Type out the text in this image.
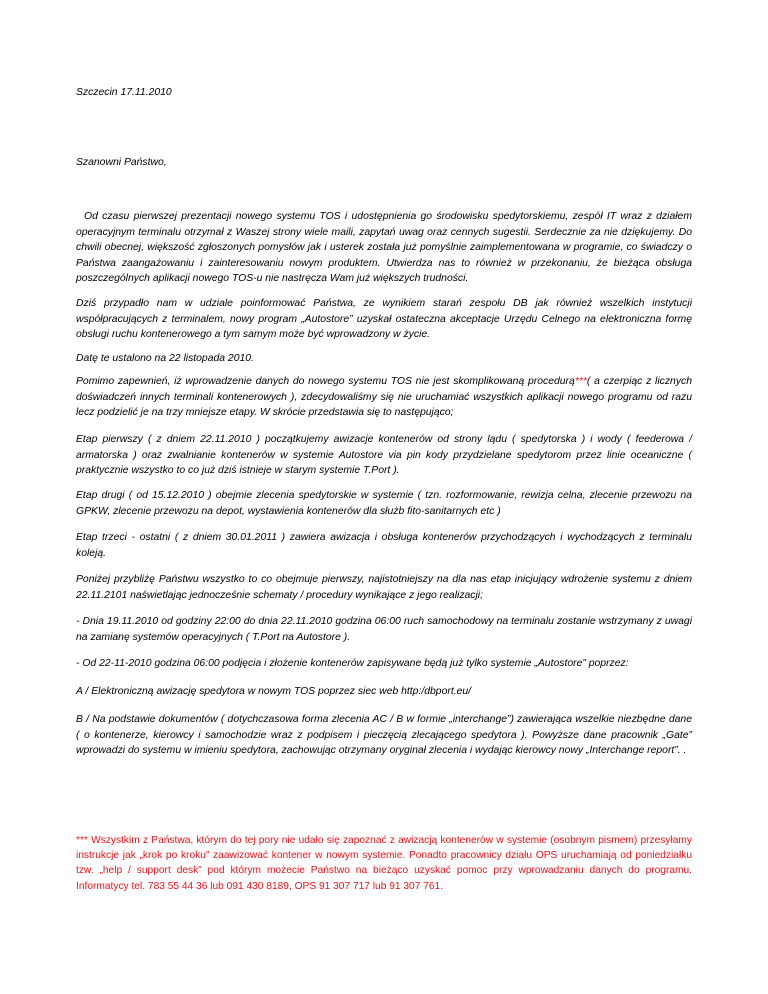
Szczecin 17.11.2010

Szanowni Państwo,

Od czasu pierwszej prezentacji nowego systemu TOS i udostępnienia go środowisku spedytorskiemu, zespół IT wraz z działem operacyjnym terminalu otrzymał z Waszej strony wiele maili, zapytań uwag oraz cennych sugestii. Serdecznie za nie dziękujemy. Do chwili obecnej, większość zgłoszonych pomysłów jak i usterek została już pomyślnie zaimplementowana w programie, co świadczy o Państwa zaangażowaniu i zainteresowaniu nowym produktem. Utwierdza nas to również w przekonaniu, że bieżąca obsługa poszczególnych aplikacji nowego TOS-u nie nastręcza Wam już większych trudności.

Dziś przypadło nam w udziale poinformować Państwa, ze wynikiem starań zespołu DB jak również wszelkich instytucji współpracujących z terminalem, nowy program „Autostore” uzyskał ostateczna akceptacje Urzędu Celnego na elektroniczna formę obsługi ruchu kontenerowego a tym samym może być wprowadzony w życie.

Datę te ustalono na 22 listopada 2010.

Pomimo zapewnień, iż wprowadzenie danych do nowego systemu TOS nie jest skomplikowaną procedurą***( a czerpiąc z licznych doświadczeń innych terminali kontenerowych ), zdecydowaliśmy się nie uruchamiać wszystkich aplikacji nowego programu od razu lecz podzielić je na trzy mniejsze etapy. W skrócie przedstawia się to następująco;

Etap pierwszy ( z dniem 22.11.2010 ) początkujemy awizacje kontenerów od strony lądu ( spedytorska ) i wody ( feederowa / armatorska ) oraz zwalnianie kontenerów w systemie Autostore via pin kody przydzielane spedytorom przez linie oceaniczne ( praktycznie wszystko to co już dziś istnieje w starym systemie T.Port ).

Etap drugi ( od 15.12.2010 ) obejmie zlecenia spedytorskie w systemie ( tzn. rozformowanie, rewizja celna, zlecenie przewozu na GPKW, zlecenie przewozu na depot, wystawienia kontenerów dla służb fito-sanitarnych etc )

Etap trzeci - ostatni ( z dniem 30.01.2011 ) zawiera awizacja i obsługa kontenerów przychodzących i wychodzących z terminalu koleją.

Poniżej przybliżę Państwu wszystko to co obejmuje pierwszy, najistotniejszy na dla nas etap inicjujący wdrożenie systemu z dniem 22.11.2101 naświetlając jednocześnie schematy / procedury wynikające z jego realizacji;

- Dnia 19.11.2010 od godziny 22:00 do dnia 22.11.2010 godzina 06:00 ruch samochodowy na terminalu zostanie wstrzymany z uwagi na zamianę systemów operacyjnych ( T.Port na Autostore ).

- Od 22-11-2010 godzina 06:00 podjęcia i złożenie kontenerów zapisywane będą już tylko systemie „Autostore” poprzez:

A / Elektroniczną awizację spedytora w nowym TOS poprzez siec web http:/dbport.eu/

B / Na podstawie dokumentów ( dotychczasowa forma zlecenia AC / B w formie „interchange”) zawierająca wszelkie niezbędne dane ( o kontenerze, kierowcy i samochodzie wraz z podpisem i pieczęcią zlecającego spedytora ). Powyższe dane pracownik „Gate” wprowadzi do systemu w imieniu spedytora, zachowując otrzymany oryginał zlecenia i wydając kierowcy nowy „Interchange report”. .

*** Wszystkim z Państwa, którym do tej pory nie udało się zapoznać z awizacją kontenerów w systemie (osobnym pismem) przesyłamy instrukcje jak „krok po kroku” zaawizować kontener w nowym systemie. Ponadto pracownicy działu OPS uruchamiają od poniedziałku tzw. „help / support desk” pod którym możecie Państwo na bieżąco uzyskać pomoc przy wprowadzaniu danych do programu. Informatycy tel. 783 55 44 36 lub 091 430 8189, OPS 91 307 717 lub 91 307 761.
